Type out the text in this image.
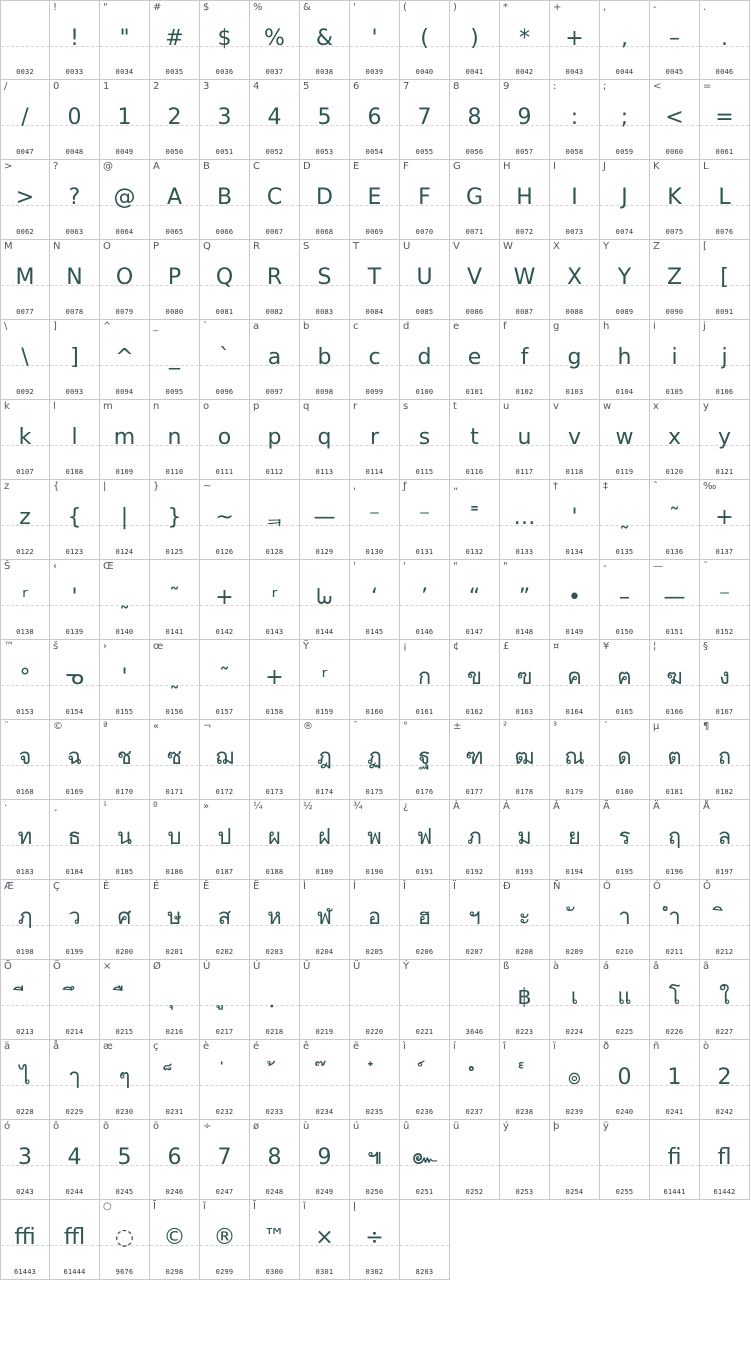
0032
!
!
0033
"
"
0034
#
#
0035
$
$
0036
%
%
0037
&
&
0038
'
'
0039
(
(
0040
)
)
0041
*
*
0042
+
+
0043
,
,
0044
-
–
0045
.
.
0046
/
/
0047
0
0
0048
1
1
0049
2
2
0050
3
3
0051
4
4
0052
5
5
0053
6
6
0054
7
7
0055
8
8
0056
9
9
0057
:
:
0058
;
;
0059
<
<
0060
=
=
0061
>
>
0062
?
?
0063
@
@
0064
A
A
0065
B
B
0066
C
C
0067
D
D
0068
E
E
0069
F
F
0070
G
G
0071
H
H
0072
I
I
0073
J
J
0074
K
K
0075
L
L
0076
M
M
0077
N
N
0078
O
O
0079
P
P
0080
Q
Q
0081
R
R
0082
S
S
0083
T
T
0084
U
U
0085
V
V
0086
W
W
0087
X
X
0088
Y
Y
0089
Z
Z
0090
[
[
0091
\
\
0092
]
]
0093
^
^
0094
_
_
0095
`
`
0096
a
a
0097
b
b
0098
c
c
0099
d
d
0100
e
e
0101
f
f
0102
g
g
0103
h
h
0104
i
i
0105
j
j
0106
k
k
0107
l
l
0108
m
m
0109
n
n
0110
o
o
0111
p
p
0112
q
q
0113
r
r
0114
s
s
0115
t
t
0116
u
u
0117
v
v
0118
w
w
0119
x
x
0120
y
y
0121
z
z
0122
{
{
0123
|
|
0124
}
}
0125
~
~
0126
ᆿ
0128
—
0129
,
⁻
0130
ƒ
⁻
0131
„
˭
0132
…
0133
†
'
0134
‡
˷
0135
ˆ
˜
0136
‰
+
0137
Š
ʳ
0138
‹
'
0139
Œ
˷
0140
˜
0141
+
0142
ʳ
0143
ᘈ
0144
'
‘
0145
'
’
0146
"
“
0147
"
”
0148
•
0149
-
–
0150
—
—
0151
˜
⁻
0152
™
°
0153
š
ᓀ
0154
›
'
0155
œ
˷
0156
˜
0157
+
0158
Ÿ
ʳ
0159	0160
¡
ก
0161
¢
ข
0162
£
ฃ
0163
¤
ค
0164
¥
ฅ
0165
¦
ฆ
0166
§
ง
0167
¨
จ
0168
©
ฉ
0169
ª
ช
0170
«
ซ
0171
¬
ฌ
0172	0173
®
ฎ
0174
¯
ฏ
0175
°
ฐ
0176
±
ฑ
0177
²
ฒ
0178
³
ณ
0179
´
ด
0180
µ
ต
0181
¶
ถ
0182
·
ท
0183
¸
ธ
0184
¹
น
0185
º
บ
0186
»
ป
0187
¼
ผ
0188
½
ฝ
0189
¾
พ
0190
¿
ฟ
0191
À
ภ
0192
Á
ม
0193
Â
ย
0194
Ã
ร
0195
Ä
ฤ
0196
Å
ล
0197
Æ
ฦ
0198
Ç
ว
0199
È
ศ
0200
É
ษ
0201
Ê
ส
0202
Ë
ห
0203
Ì
ฬ
0204
Í
อ
0205
Î
ฮ
0206
Ï
ฯ
0207
Ð
ะ
0208
Ñ
0209
Ò
า
0210
Ó
ำ
0211
Ô
0212
Õ
0213
Ö
0214
×
0215
Ø
0216
Ù
0217
Ú
0218
Û
0219
Ü
0220
Ý
0221	3646
ß
฿
0223
à
เ
0224
á
แ
0225
â
โ
0226
ã
ใ
0227
ä
ไ
0228
å
ๅ
0229
æ
ๆ
0230
ç
0231
è
0232
é
0233
ê
0234
ë
0235
ì
0236
í
0237
î
0238
ï
๏
0239
ð
0
0240
ñ
1
0241
ò
2
0242
ó
3
0243
ô
4
0244
õ
5
0245
ö
6
0246
÷
7
0247
ø
8
0248
ù
9
0249
ú
๚
0250
û
๛
0251
ü
0252
ý
0253
þ
0254
ÿ
0255
ﬁ
61441
ﬂ
61442
ﬃ
61443
ﬄ
61444
○
◌
9676
Ĩ
©
0298
ĩ
®
0299
Ĭ
™
0300
ĭ
×
0301
Į
÷
0302	8203
